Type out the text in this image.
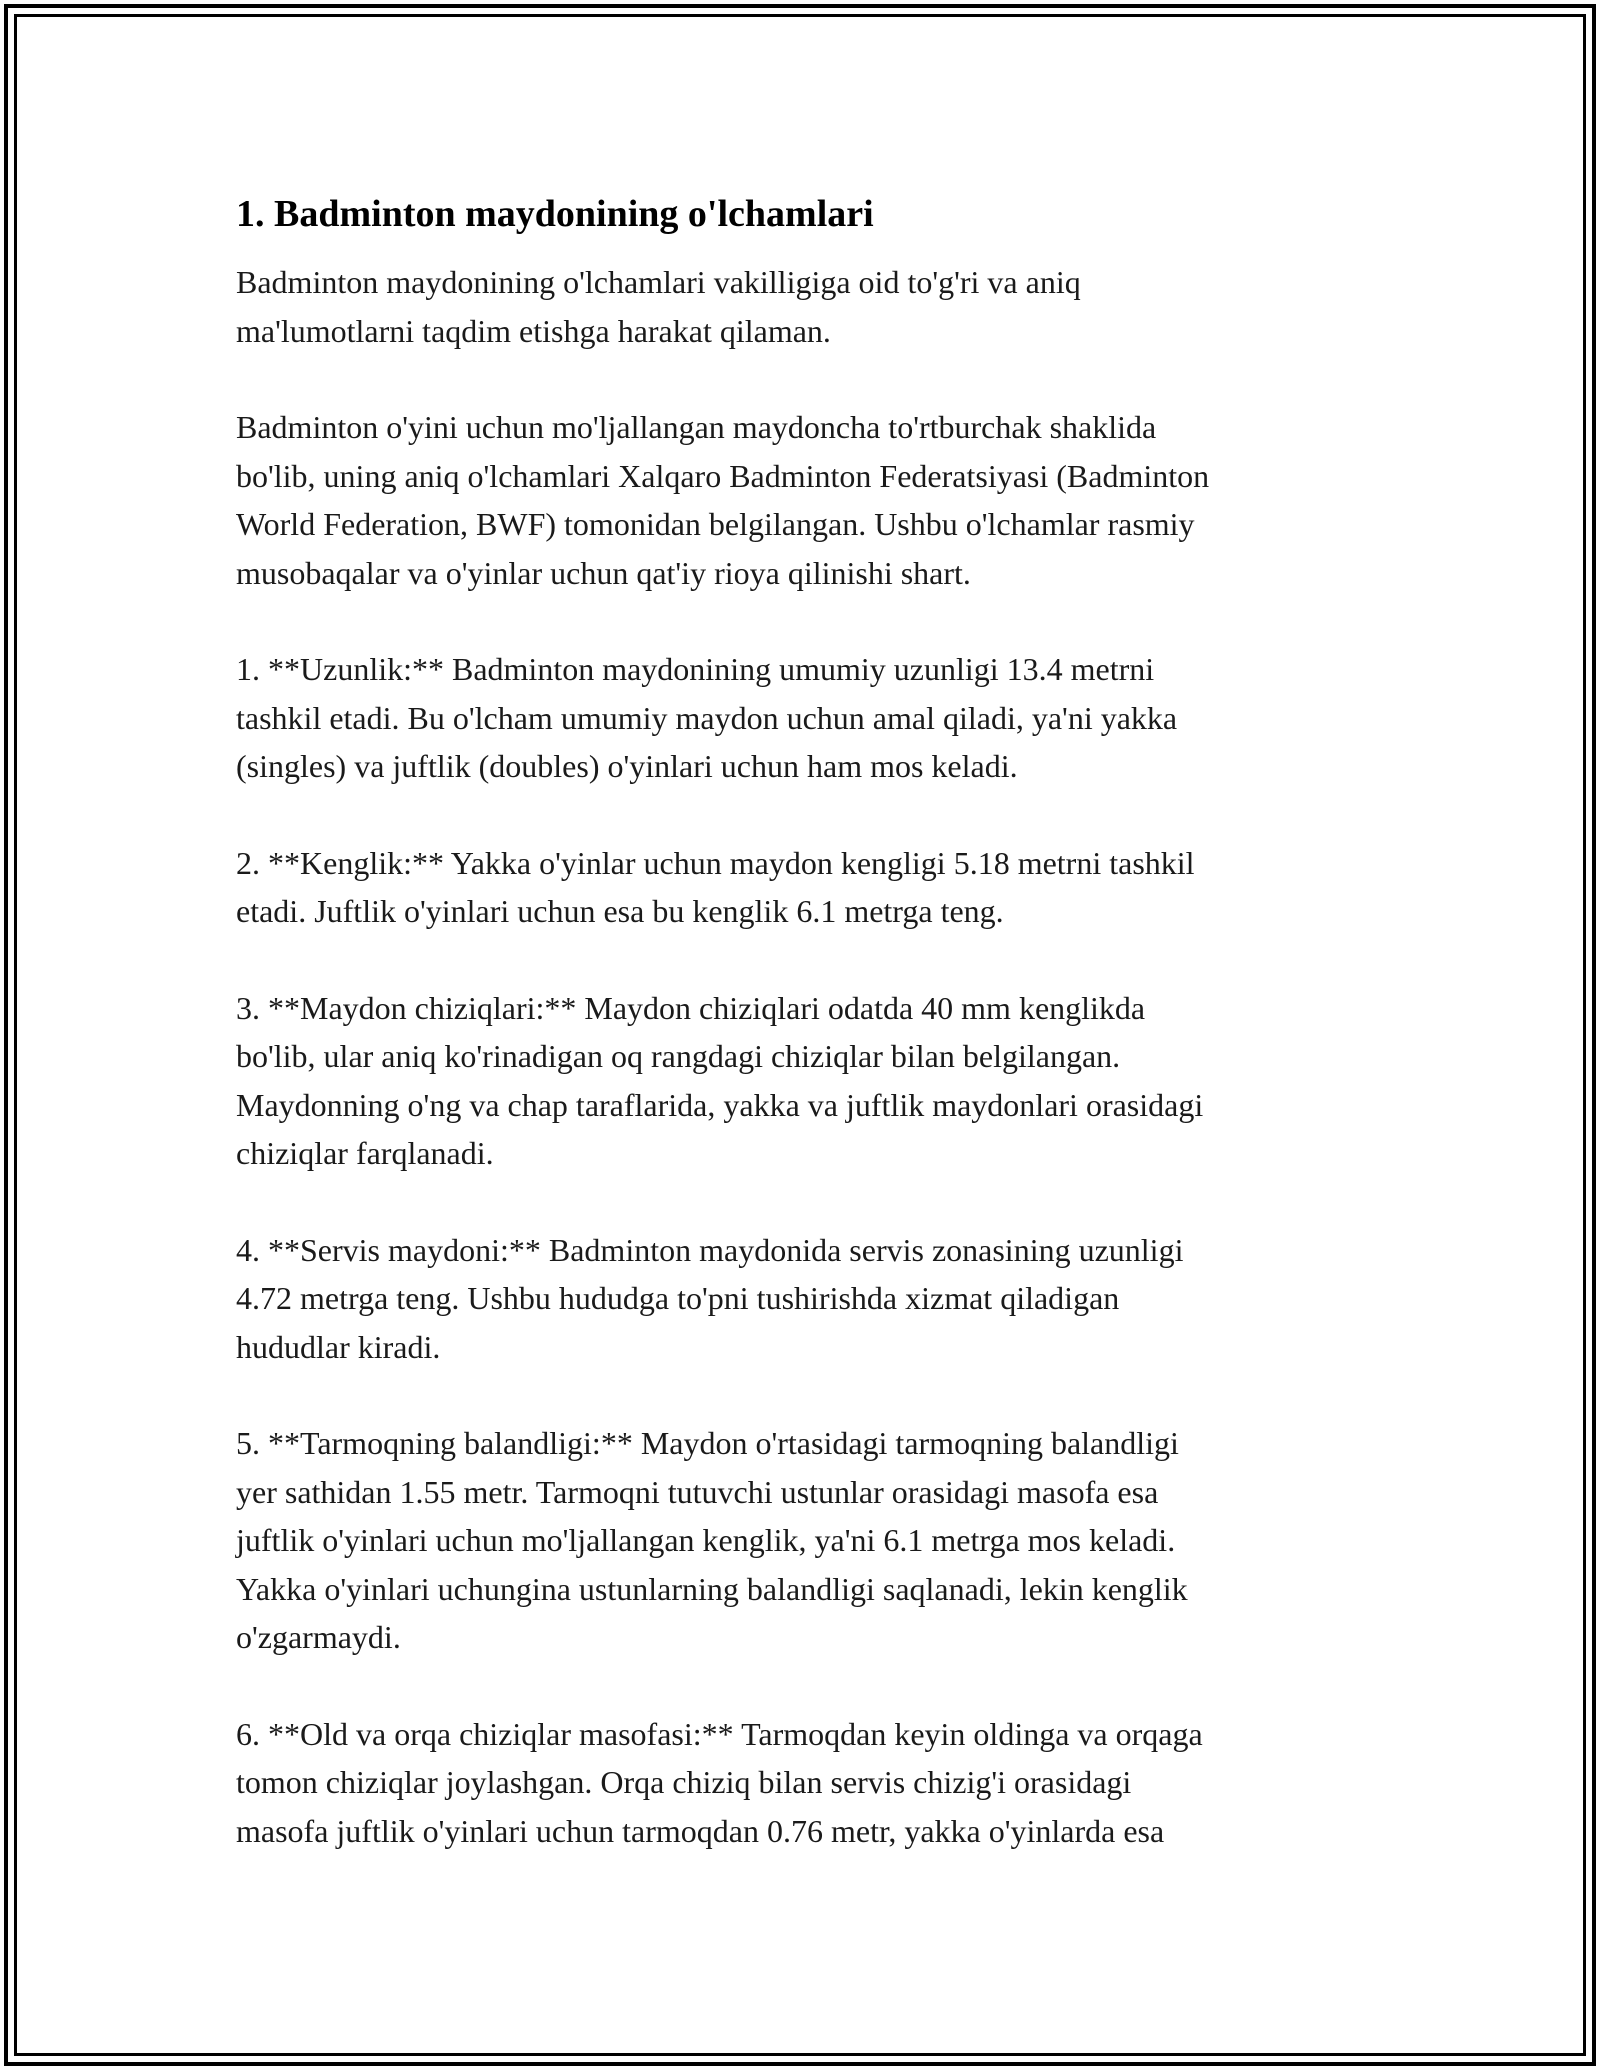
1. Badminton maydonining o'lchamlari

Badminton maydonining o'lchamlari vakilligiga oid to'g'ri va aniq
ma'lumotlarni taqdim etishga harakat qilaman.

Badminton o'yini uchun mo'ljallangan maydoncha to'rtburchak shaklida
bo'lib, uning aniq o'lchamlari Xalqaro Badminton Federatsiyasi (Badminton
World Federation, BWF) tomonidan belgilangan. Ushbu o'lchamlar rasmiy
musobaqalar va o'yinlar uchun qat'iy rioya qilinishi shart.

1. **Uzunlik:** Badminton maydonining umumiy uzunligi 13.4 metrni
tashkil etadi. Bu o'lcham umumiy maydon uchun amal qiladi, ya'ni yakka
(singles) va juftlik (doubles) o'yinlari uchun ham mos keladi.

2. **Kenglik:** Yakka o'yinlar uchun maydon kengligi 5.18 metrni tashkil
etadi. Juftlik o'yinlari uchun esa bu kenglik 6.1 metrga teng.

3. **Maydon chiziqlari:** Maydon chiziqlari odatda 40 mm kenglikda
bo'lib, ular aniq ko'rinadigan oq rangdagi chiziqlar bilan belgilangan.
Maydonning o'ng va chap taraflarida, yakka va juftlik maydonlari orasidagi
chiziqlar farqlanadi.

4. **Servis maydoni:** Badminton maydonida servis zonasining uzunligi
4.72 metrga teng. Ushbu hududga to'pni tushirishda xizmat qiladigan
hududlar kiradi.

5. **Tarmoqning balandligi:** Maydon o'rtasidagi tarmoqning balandligi
yer sathidan 1.55 metr. Tarmoqni tutuvchi ustunlar orasidagi masofa esa
juftlik o'yinlari uchun mo'ljallangan kenglik, ya'ni 6.1 metrga mos keladi.
Yakka o'yinlari uchungina ustunlarning balandligi saqlanadi, lekin kenglik
o'zgarmaydi.

6. **Old va orqa chiziqlar masofasi:** Tarmoqdan keyin oldinga va orqaga
tomon chiziqlar joylashgan. Orqa chiziq bilan servis chizig'i orasidagi
masofa juftlik o'yinlari uchun tarmoqdan 0.76 metr, yakka o'yinlarda esa
